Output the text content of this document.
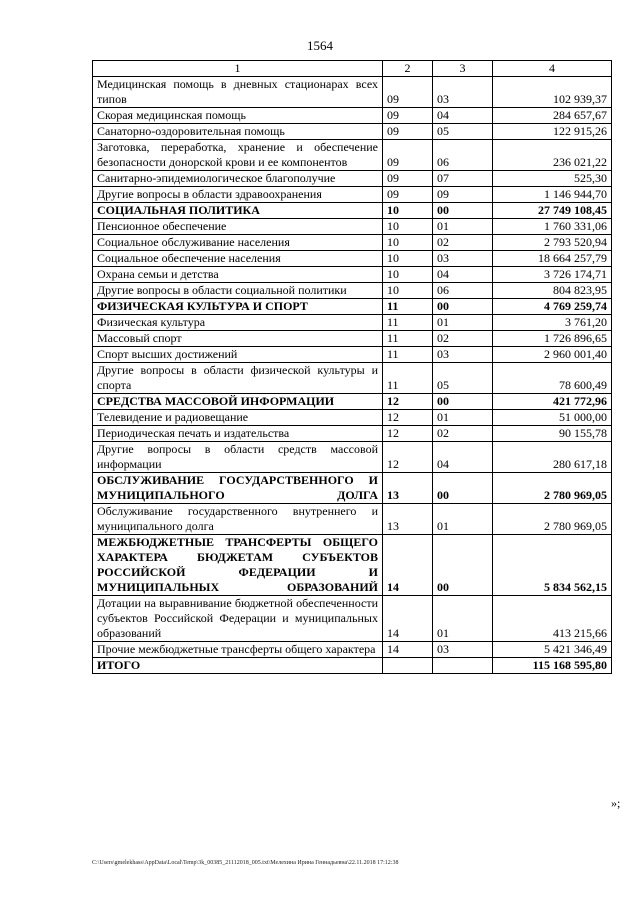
1564
1	2	3	4
Медицинская помощь в дневных стационарах всех типов	09	03	102 939,37
Скорая медицинская помощь	09	04	284 657,67
Санаторно-оздоровительная помощь	09	05	122 915,26
Заготовка, переработка, хранение и обеспечение безопасности донорской крови и ее компонентов	09	06	236 021,22
Санитарно-эпидемиологическое благополучие	09	07	525,30
Другие вопросы в области здравоохранения	09	09	1 146 944,70
СОЦИАЛЬНАЯ ПОЛИТИКА	10	00	27 749 108,45
Пенсионное обеспечение	10	01	1 760 331,06
Социальное обслуживание населения	10	02	2 793 520,94
Социальное обеспечение населения	10	03	18 664 257,79
Охрана семьи и детства	10	04	3 726 174,71
Другие вопросы в области социальной политики	10	06	804 823,95
ФИЗИЧЕСКАЯ КУЛЬТУРА И СПОРТ	11	00	4 769 259,74
Физическая культура	11	01	3 761,20
Массовый спорт	11	02	1 726 896,65
Спорт высших достижений	11	03	2 960 001,40
Другие вопросы в области физической культуры и спорта	11	05	78 600,49
СРЕДСТВА МАССОВОЙ ИНФОРМАЦИИ	12	00	421 772,96
Телевидение и радиовещание	12	01	51 000,00
Периодическая печать и издательства	12	02	90 155,78
Другие вопросы в области средств массовой информации	12	04	280 617,18
ОБСЛУЖИВАНИЕ ГОСУДАРСТВЕННОГО И МУНИЦИПАЛЬНОГО ДОЛГА	13	00	2 780 969,05
Обслуживание государственного внутреннего и муниципального долга	13	01	2 780 969,05
МЕЖБЮДЖЕТНЫЕ ТРАНСФЕРТЫ ОБЩЕГО ХАРАКТЕРА БЮДЖЕТАМ СУБЪЕКТОВ РОССИЙСКОЙ ФЕДЕРАЦИИ И МУНИЦИПАЛЬНЫХ ОБРАЗОВАНИЙ	14	00	5 834 562,15
Дотации на выравнивание бюджетной обеспеченности субъектов Российской Федерации и муниципальных образований	14	01	413 215,66
Прочие межбюджетные трансферты общего характера	14	03	5 421 346,49
ИТОГО			115 168 595,80
»;
C:\Users\gmelekhass\AppData\Local\Temp\3k_00385_21112018_005.txt\Мелехина Ирина Геннадьевна\22.11.2018 17:12:38
